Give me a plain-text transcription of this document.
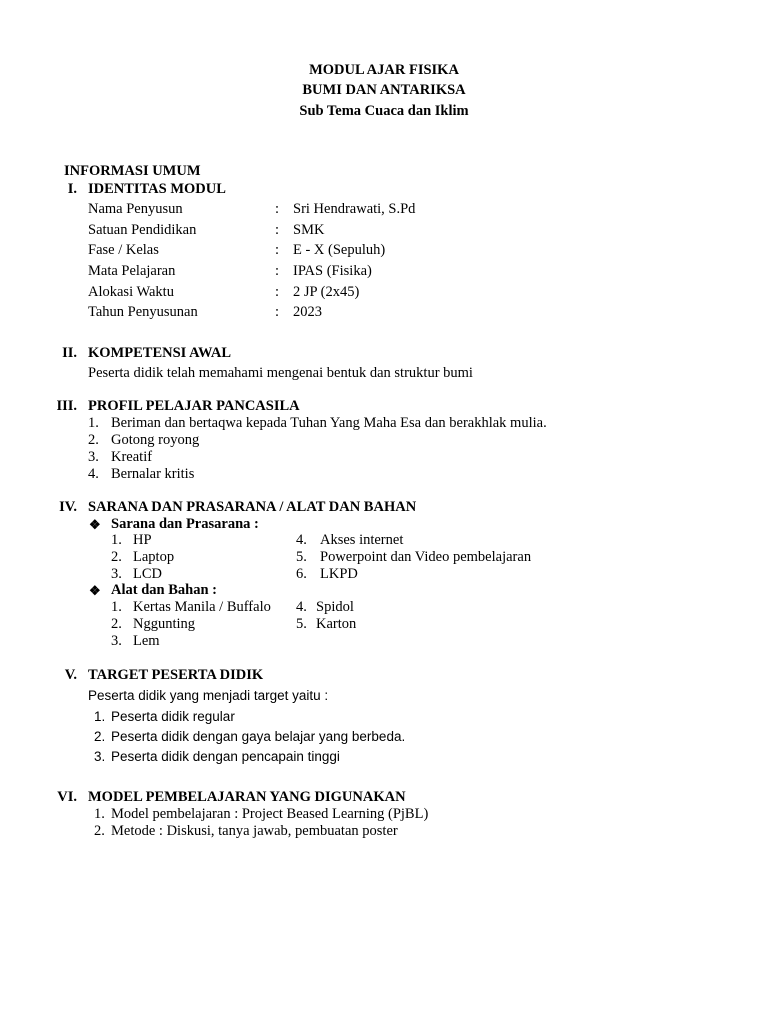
MODUL AJAR FISIKA
BUMI DAN ANTARIKSA
Sub Tema Cuaca dan Iklim
INFORMASI UMUM
I. IDENTITAS MODUL
Nama Penyusun	: Sri Hendrawati, S.Pd
Satuan Pendidikan	: SMK
Fase / Kelas	: E - X (Sepuluh)
Mata Pelajaran	: IPAS (Fisika)
Alokasi Waktu	: 2 JP (2x45)
Tahun Penyusunan	: 2023
II. KOMPETENSI AWAL
Peserta didik telah memahami mengenai bentuk dan struktur bumi
III. PROFIL PELAJAR PANCASILA
1. Beriman dan bertaqwa kepada Tuhan Yang Maha Esa dan berakhlak mulia.
2. Gotong royong
3. Kreatif
4. Bernalar kritis
IV. SARANA DAN PRASARANA / ALAT DAN BAHAN
❖ Sarana dan Prasarana :
1. HP	4. Akses internet
2. Laptop	5. Powerpoint dan Video pembelajaran
3. LCD	6. LKPD
❖ Alat dan Bahan :
1. Kertas Manila / Buffalo 4. Spidol
2. Nggunting	5. Karton
3. Lem
V. TARGET PESERTA DIDIK
Peserta didik yang menjadi target yaitu :
1. Peserta didik regular
2. Peserta didik dengan gaya belajar yang berbeda.
3. Peserta didik dengan pencapain tinggi
VI. MODEL PEMBELAJARAN YANG DIGUNAKAN
1. Model pembelajaran : Project Beased Learning (PjBL)
2. Metode : Diskusi, tanya jawab, pembuatan poster
